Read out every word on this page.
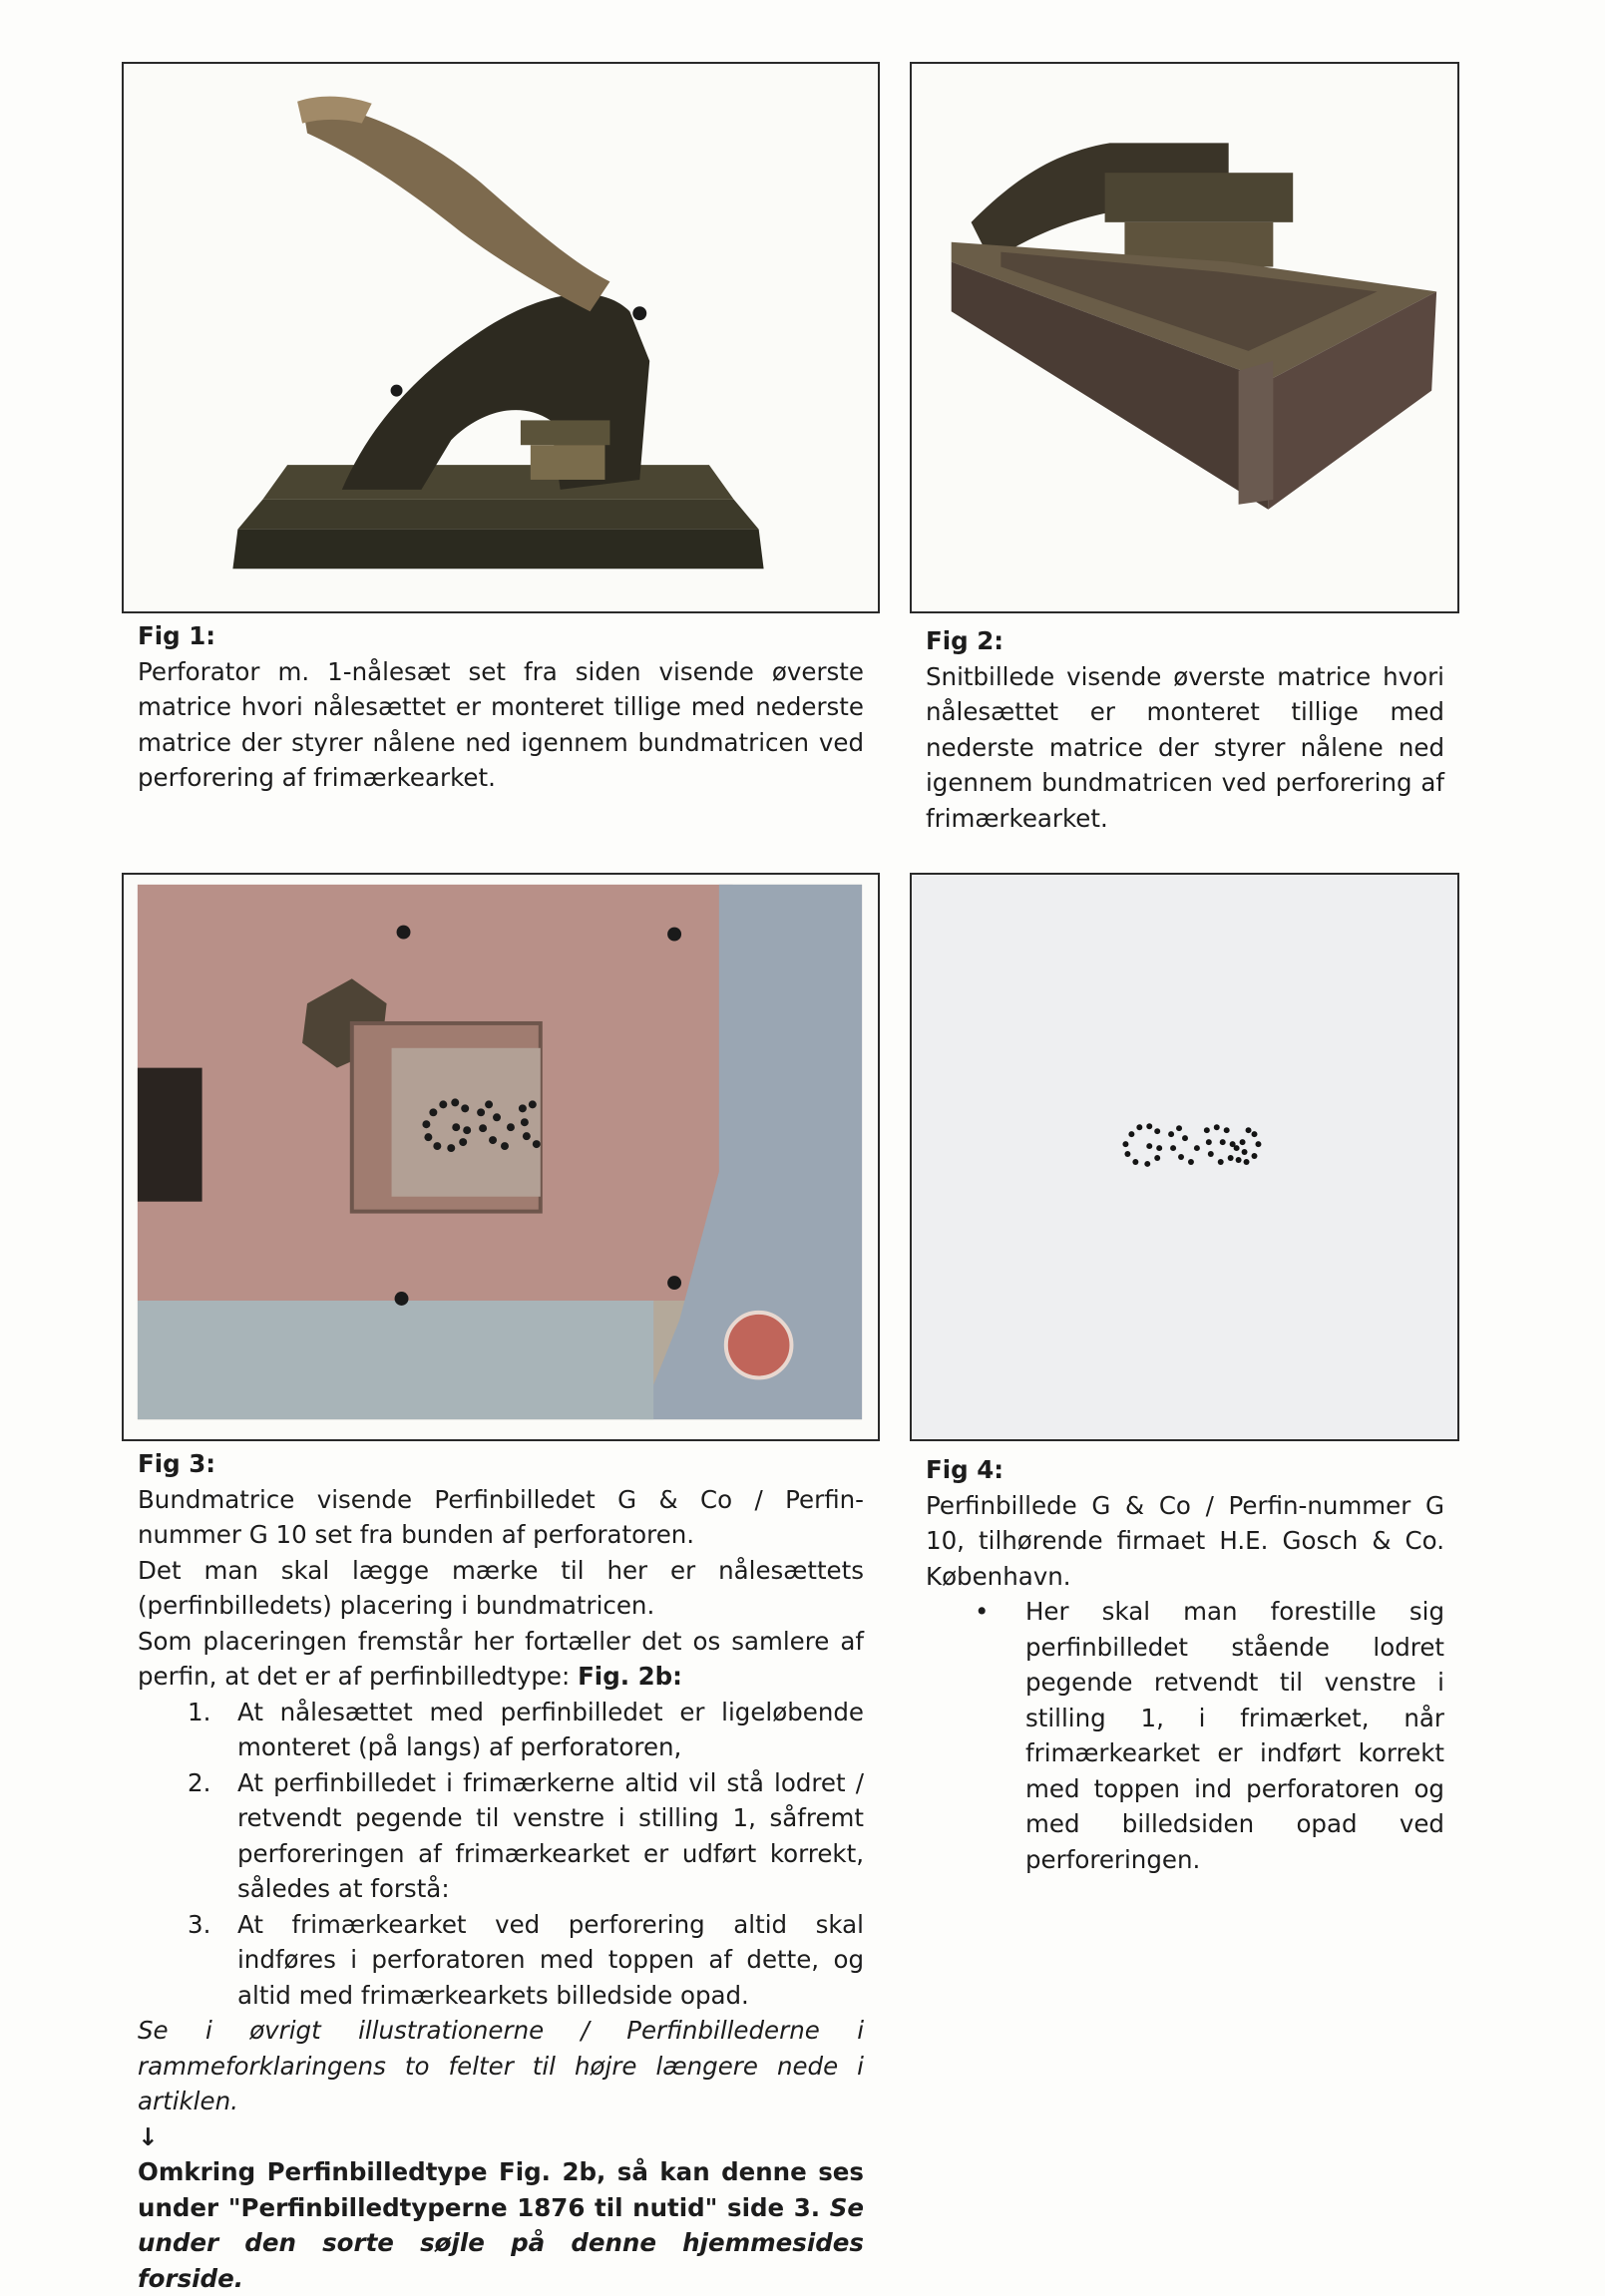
Fig 1:

Perforator m. 1-nålesæt set fra siden visende øverste matrice hvori nålesættet er monteret tillige med nederste matrice der styrer nålene ned igennem bundmatricen ved perforering af frimærkearket.

Fig 2:

Snitbillede visende øverste matrice hvori nålesættet er monteret tillige med nederste matrice der styrer nålene ned igennem bundmatricen ved perforering af frimærkearket.

Fig 3:

Bundmatrice visende Perfinbilledet G & Co / Perfin-nummer G 10 set fra bunden af perforatoren.

Det man skal lægge mærke til her er nålesættets (perfinbilledets) placering i bundmatricen.

Som placeringen fremstår her fortæller det os samlere af perfin, at det er af perfinbilledtype: Fig. 2b:

1. At nålesættet med perfinbilledet er ligeløbende monteret (på langs) af perforatoren,
2. At perfinbilledet i frimærkerne altid vil stå lodret / retvendt pegende til venstre i stilling 1, såfremt perforeringen af frimærkearket er udført korrekt, således at forstå:
3. At frimærkearket ved perforering altid skal indføres i perforatoren med toppen af dette, og altid med frimærkearkets billedside opad.

Se i øvrigt illustrationerne / Perfinbillederne i rammeforklaringens to felter til højre længere nede i artiklen.

↓

Omkring Perfinbilledtype Fig. 2b, så kan denne ses under "Perfinbilledtyperne 1876 til nutid" side 3. Se under den sorte søjle på denne hjemmesides forside.

Fig 4:

Perfinbillede G & Co / Perfin-nummer G 10, tilhørende firmaet H.E. Gosch & Co. København.

• Her skal man forestille sig perfinbilledet stående lodret pegende retvendt til venstre i stilling 1, i frimærket, når frimærkearket er indført korrekt med toppen ind perforatoren og med billedsiden opad ved perforeringen.
